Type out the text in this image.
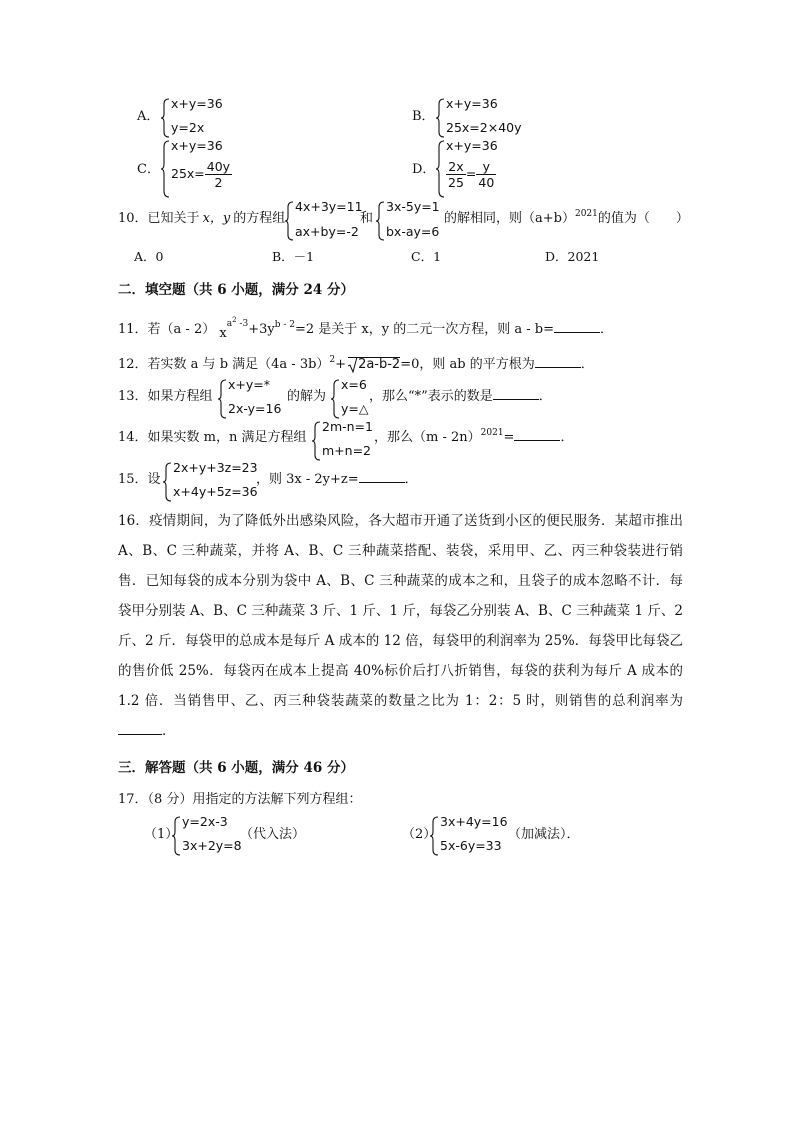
A．
x+y=36
y=2x
B．
x+y=36
25x=2×40y
C．
x+y=36
$25x= \frac{40y}{2}$	D．
x+y=36
$\frac{2x}{25} = \frac{y}{40}$
10．已知关于 x，y 的方程组
4x+3y=11
ax+by=-2
和
3x-5y=1
bx-ay=6
的解相同，则$(a+b)^{2021}$的值为（　　）
A．0	B．－1	C．1	D．2021
二．填空题（共 6 小题，满分 24 分）
11．若（a - 2） $x^{a^2 -3}+3y^{b - 2}=2$ 是关于 x，y 的二元一次方程，则 a - b=	．
12．若实数 a 与 b 满足（4a - 3b）$^2$+ 2a-b-2=0，则 ab 的平方根为	．
13．如果方程组
x+y=*
2x-y=16
的解为
x=6
y=△
，那么“*”表示的数是	．
14．如果实数 m，n 满足方程组
2m-n=1
m+n=2
，那么（m - 2n）$^{2021}$=	．
15．设
2x+y+3z=23
x+4y+5z=36
，则 3x - 2y+z=	．
16．疫情期间，为了降低外出感染风险，各大超市开通了送货到小区的便民服务．某超市推出 A、B、C 三种蔬菜，并将 A、B、C 三种蔬菜搭配、装袋，采用甲、乙、丙三种袋装进行销售．已知每袋的成本分别为袋中 A、B、C 三种蔬菜的成本之和，且袋子的成本忽略不计．每袋甲分别装 A、B、C 三种蔬菜 3 斤、1 斤、1 斤，每袋乙分别装 A、B、C 三种蔬菜 1 斤、2 斤、2 斤．每袋甲的总成本是每斤 A 成本的 12 倍，每袋甲的利润率为 25%．每袋甲比每袋乙的售价低 25%．每袋丙在成本上提高 40%标价后打八折销售，每袋的获利为每斤 A 成本的 1.2 倍．当销售甲、乙、丙三种袋装蔬菜的数量之比为 1：2：5 时，则销售的总利润率为．
三．解答题（共 6 小题，满分 46 分）
17．（8 分）用指定的方法解下列方程组：
（1）
y=2x-3
3x+2y=8
（代入法）	（2）
3x+4y=16
5x-6y=33
（加减法）．
